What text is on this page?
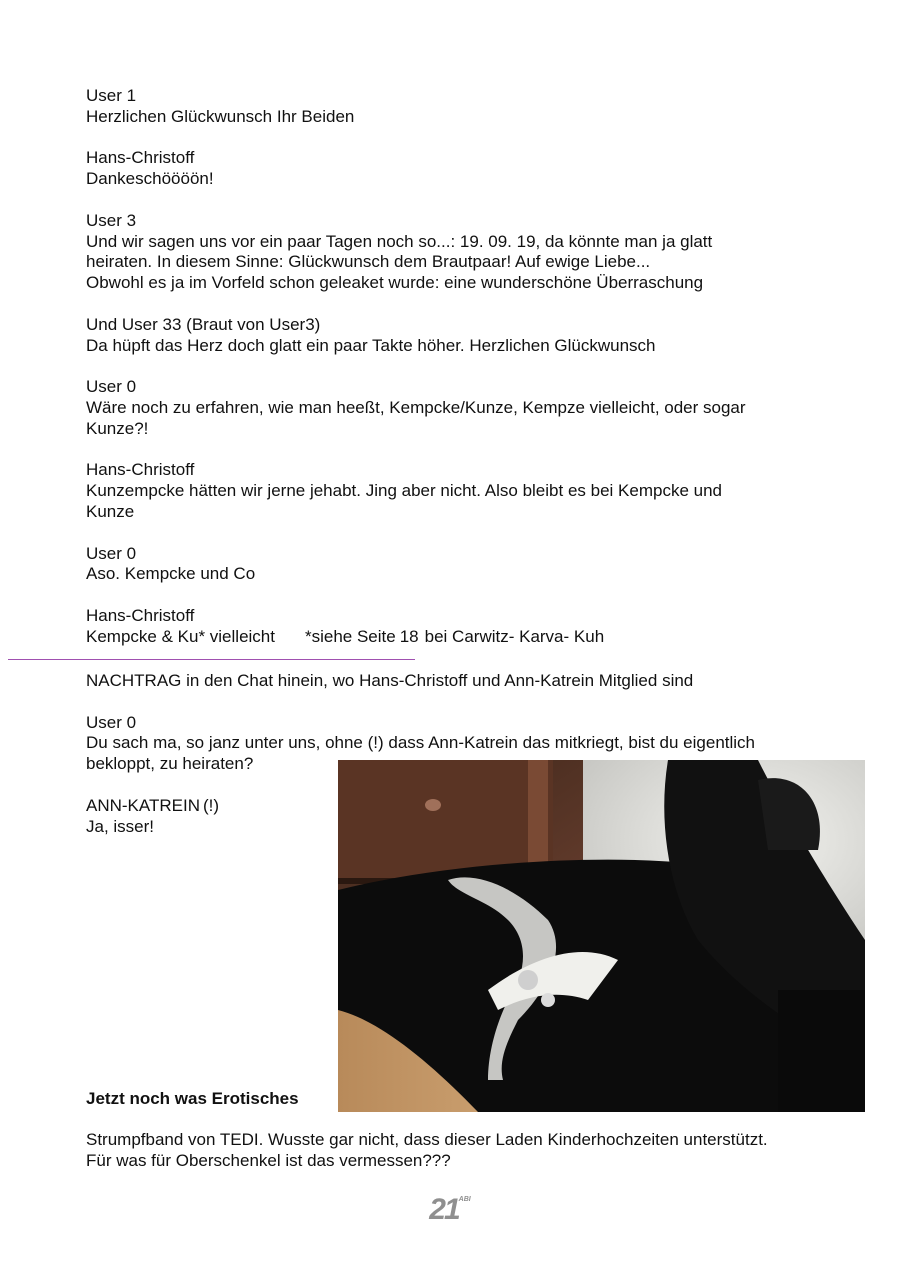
User 1
Herzlichen Glückwunsch Ihr Beiden

Hans-Christoff
Dankeschöööön!

User 3
Und wir sagen uns vor ein paar Tagen noch so...: 19. 09. 19, da könnte man ja glatt
heiraten. In diesem Sinne: Glückwunsch dem Brautpaar! Auf ewige Liebe...
Obwohl es ja im Vorfeld schon geleaket wurde: eine wunderschöne Überraschung

Und User 33 (Braut von User3)
Da hüpft das Herz doch glatt ein paar Takte höher. Herzlichen Glückwunsch

User 0
Wäre noch zu erfahren, wie man heeßt, Kempcke/Kunze, Kempze vielleicht, oder sogar
Kunze?!

Hans-Christoff
Kunzempcke hätten wir jerne jehabt. Jing aber nicht. Also bleibt es bei Kempcke und
Kunze

User 0
Aso. Kempcke und Co

Hans-Christoff
Kempcke & Ku* vielleicht *siehe Seite 18 bei Carwitz- Karva- Kuh
NACHTRAG in den Chat hinein, wo Hans-Christoff und Ann-Katrein Mitglied sind

User 0
Du sach ma, so janz unter uns, ohne (!) dass Ann-Katrein das mitkriegt, bist du eigentlich
bekloppt, zu heiraten?

ANN-KATREIN (!)
Ja, isser!
Jetzt noch was Erotisches
Strumpfband von TEDI. Wusste gar nicht, dass dieser Laden Kinderhochzeiten unterstützt.
Für was für Oberschenkel ist das vermessen???
$21^{ABI}$
